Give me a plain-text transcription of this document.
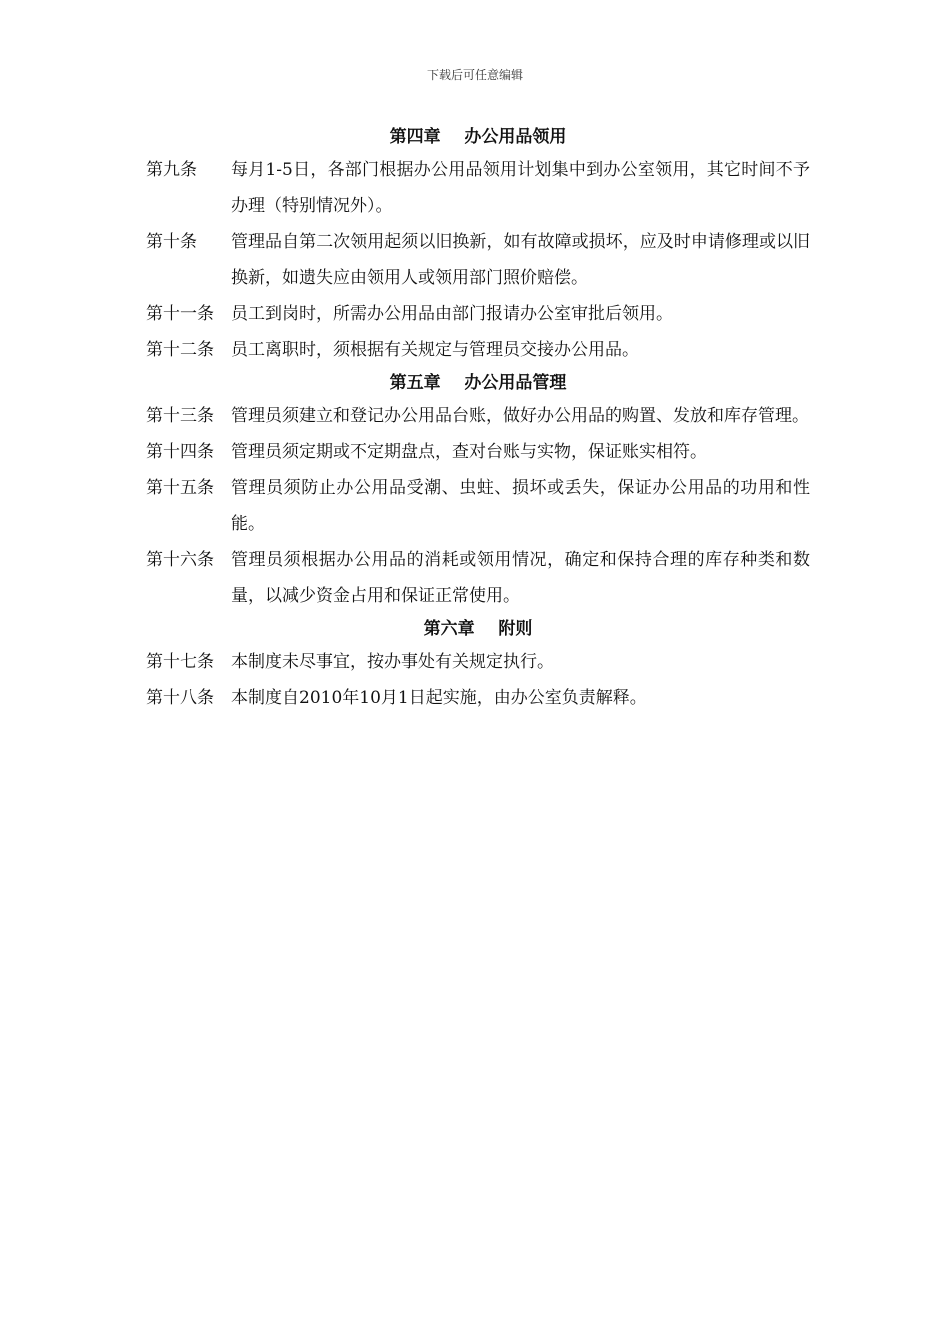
下载后可任意编辑
第四章    办公用品领用
第九条	每月1-5日，各部门根据办公用品领用计划集中到办公室领用，其它时间不予办理（特别情况外）。
第十条	管理品自第二次领用起须以旧换新，如有故障或损坏，应及时申请修理或以旧换新，如遗失应由领用人或领用部门照价赔偿。
第十一条	员工到岗时，所需办公用品由部门报请办公室审批后领用。
第十二条	员工离职时，须根据有关规定与管理员交接办公用品。
第五章    办公用品管理
第十三条	管理员须建立和登记办公用品台账，做好办公用品的购置、发放和库存管理。
第十四条	管理员须定期或不定期盘点，查对台账与实物，保证账实相符。
第十五条	管理员须防止办公用品受潮、虫蛀、损坏或丢失，保证办公用品的功用和性能。
第十六条	管理员须根据办公用品的消耗或领用情况，确定和保持合理的库存种类和数量，以减少资金占用和保证正常使用。
第六章    附则
第十七条	本制度未尽事宜，按办事处有关规定执行。
第十八条	本制度自2010年10月1日起实施，由办公室负责解释。
